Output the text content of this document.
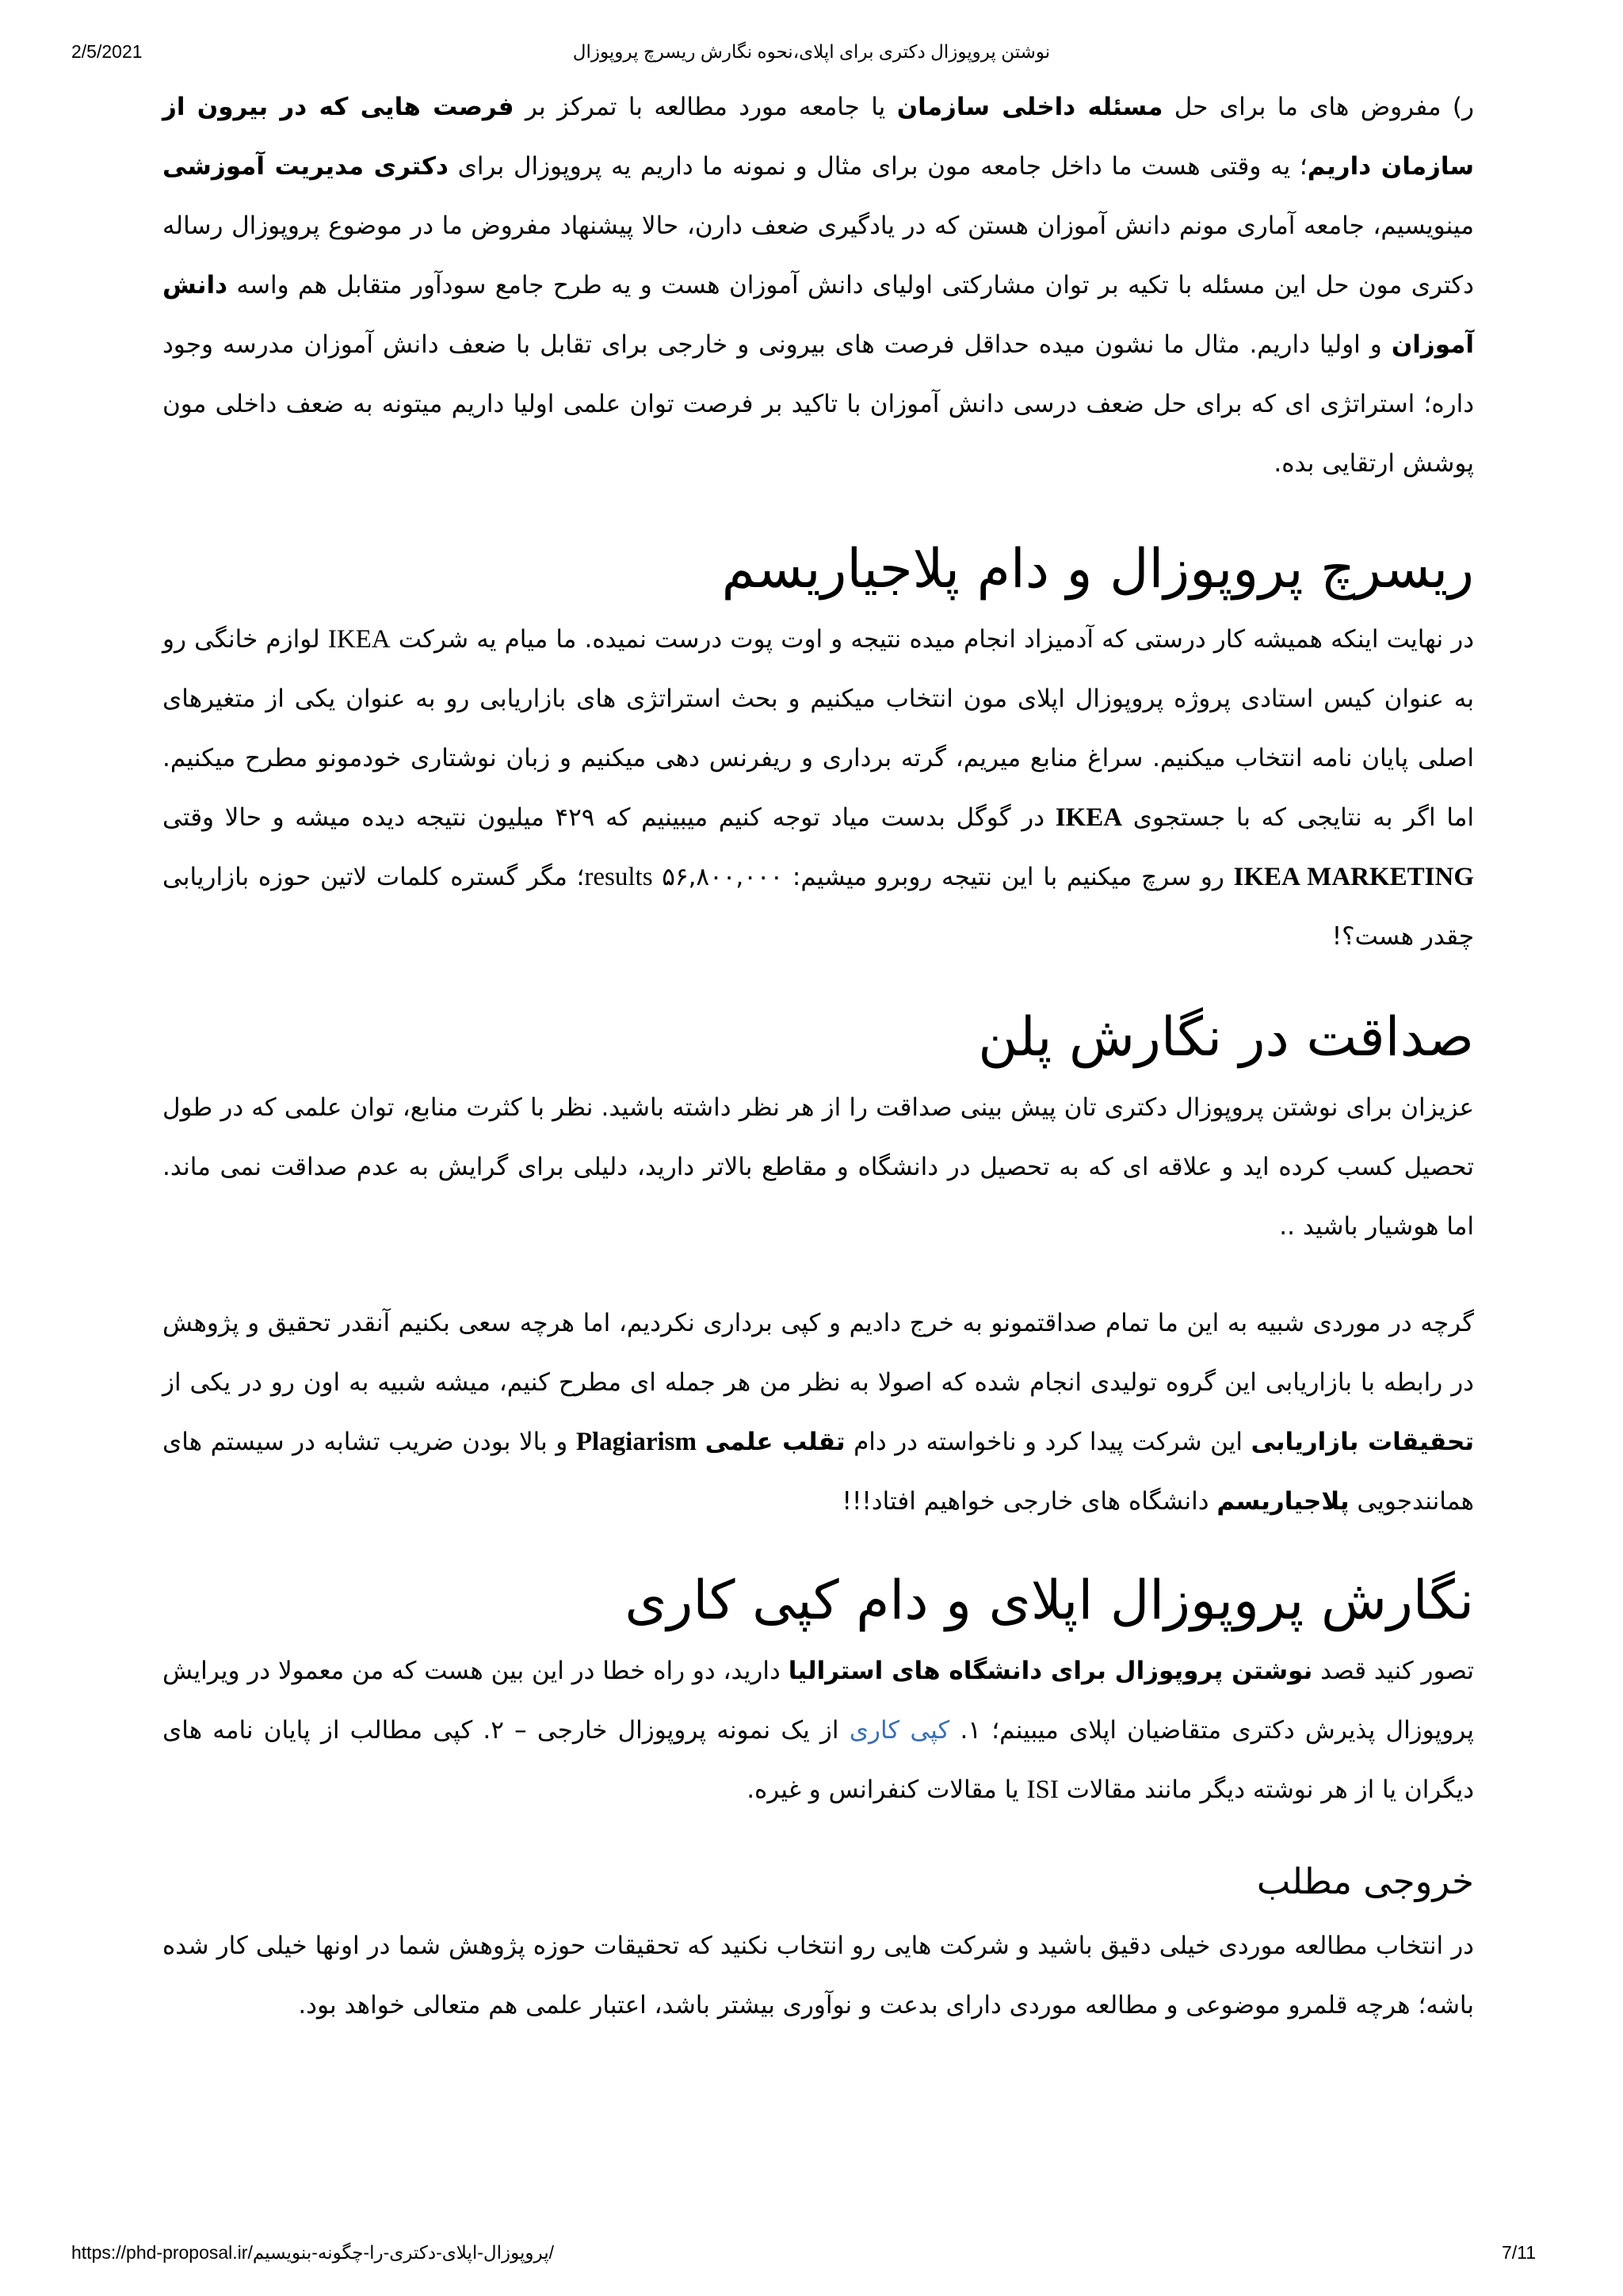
2/5/2021	نوشتن پروپوزال دکتری برای اپلای،نحوه نگارش ریسرچ پروپوزال

ر) مفروض های ما برای حل مسئله داخلی سازمان یا جامعه مورد مطالعه با تمرکز بر فرصت هایی که در بیرون از سازمان داریم؛ یه وقتی هست ما داخل جامعه مون برای مثال و نمونه ما داریم یه پروپوزال برای دکتری مدیریت آموزشی مینویسیم، جامعه آماری مونم دانش آموزان هستن که در یادگیری ضعف دارن، حالا پیشنهاد مفروض ما در موضوع پروپوزال رساله دکتری مون حل این مسئله با تکیه بر توان مشارکتی اولیای دانش آموزان هست و یه طرح جامع سودآور متقابل هم واسه دانش آموزان و اولیا داریم. مثال ما نشون میده حداقل فرصت های بیرونی و خارجی برای تقابل با ضعف دانش آموزان مدرسه وجود داره؛ استراتژی ای که برای حل ضعف درسی دانش آموزان با تاکید بر فرصت توان علمی اولیا داریم میتونه به ضعف داخلی مون پوشش ارتقایی بده.

ریسرچ پروپوزال و دام پلاجیاریسم

در نهایت اینکه همیشه کار درستی که آدمیزاد انجام میده نتیجه و اوت پوت درست نمیده. ما میام یه شرکت IKEA لوازم خانگی رو به عنوان کیس استادی پروژه پروپوزال اپلای مون انتخاب میکنیم و بحث استراتژی های بازاریابی رو به عنوان یکی از متغیرهای اصلی پایان نامه انتخاب میکنیم. سراغ منابع میریم، گرته برداری و ریفرنس دهی میکنیم و زبان نوشتاری خودمونو مطرح میکنیم. اما اگر به نتایجی که با جستجوی IKEA در گوگل بدست میاد توجه کنیم میبینیم که ۴۲۹ میلیون نتیجه دیده میشه و حالا وقتی IKEA MARKETING رو سرچ میکنیم با این نتیجه روبرو میشیم: ۵۶,۸۰۰,۰۰۰ results؛ مگر گستره کلمات لاتین حوزه بازاریابی چقدر هست؟!

صداقت در نگارش پلن

عزیزان برای نوشتن پروپوزال دکتری تان پیش بینی صداقت را از هر نظر داشته باشید. نظر با کثرت منابع، توان علمی که در طول تحصیل کسب کرده اید و علاقه ای که به تحصیل در دانشگاه و مقاطع بالاتر دارید، دلیلی برای گرایش به عدم صداقت نمی ماند. اما هوشیار باشید ..

گرچه در موردی شبیه به این ما تمام صداقتمونو به خرج دادیم و کپی برداری نکردیم، اما هرچه سعی بکنیم آنقدر تحقیق و پژوهش در رابطه با بازاریابی این گروه تولیدی انجام شده که اصولا به نظر من هر جمله ای مطرح کنیم، میشه شبیه به اون رو در یکی از تحقیقات بازاریابی این شرکت پیدا کرد و ناخواسته در دام تقلب علمی Plagiarism و بالا بودن ضریب تشابه در سیستم های همانندجویی پلاجیاریسم دانشگاه های خارجی خواهیم افتاد!!!

نگارش پروپوزال اپلای و دام کپی کاری

تصور کنید قصد نوشتن پروپوزال برای دانشگاه های استرالیا دارید، دو راه خطا در این بین هست که من معمولا در ویرایش پروپوزال پذیرش دکتری متقاضیان اپلای میبینم؛ ۱. کپی کاری از یک نمونه پروپوزال خارجی – ۲. کپی مطالب از پایان نامه های دیگران یا از هر نوشته دیگر مانند مقالات ISI یا مقالات کنفرانس و غیره.

خروجی مطلب

در انتخاب مطالعه موردی خیلی دقیق باشید و شرکت هایی رو انتخاب نکنید که تحقیقات حوزه پژوهش شما در اونها خیلی کار شده باشه؛ هرچه قلمرو موضوعی و مطالعه موردی دارای بدعت و نوآوری بیشتر باشد، اعتبار علمی هم متعالی خواهد بود.

https://phd-proposal.ir/پروپوزال-اپلای-دکتری-را-چگونه-بنویسیم/	7/11
